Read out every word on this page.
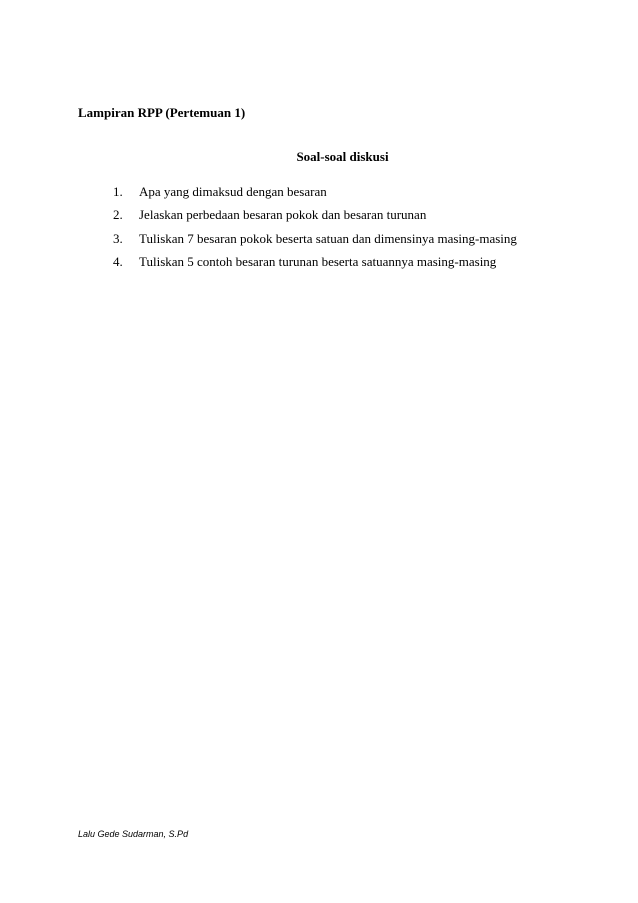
Lampiran RPP (Pertemuan 1)
Soal-soal diskusi
1.	Apa yang dimaksud dengan besaran
2.	Jelaskan perbedaan besaran pokok dan besaran turunan
3.	Tuliskan 7 besaran pokok beserta satuan dan dimensinya masing-masing
4.	Tuliskan 5 contoh besaran turunan beserta satuannya masing-masing
Lalu Gede Sudarman, S.Pd
